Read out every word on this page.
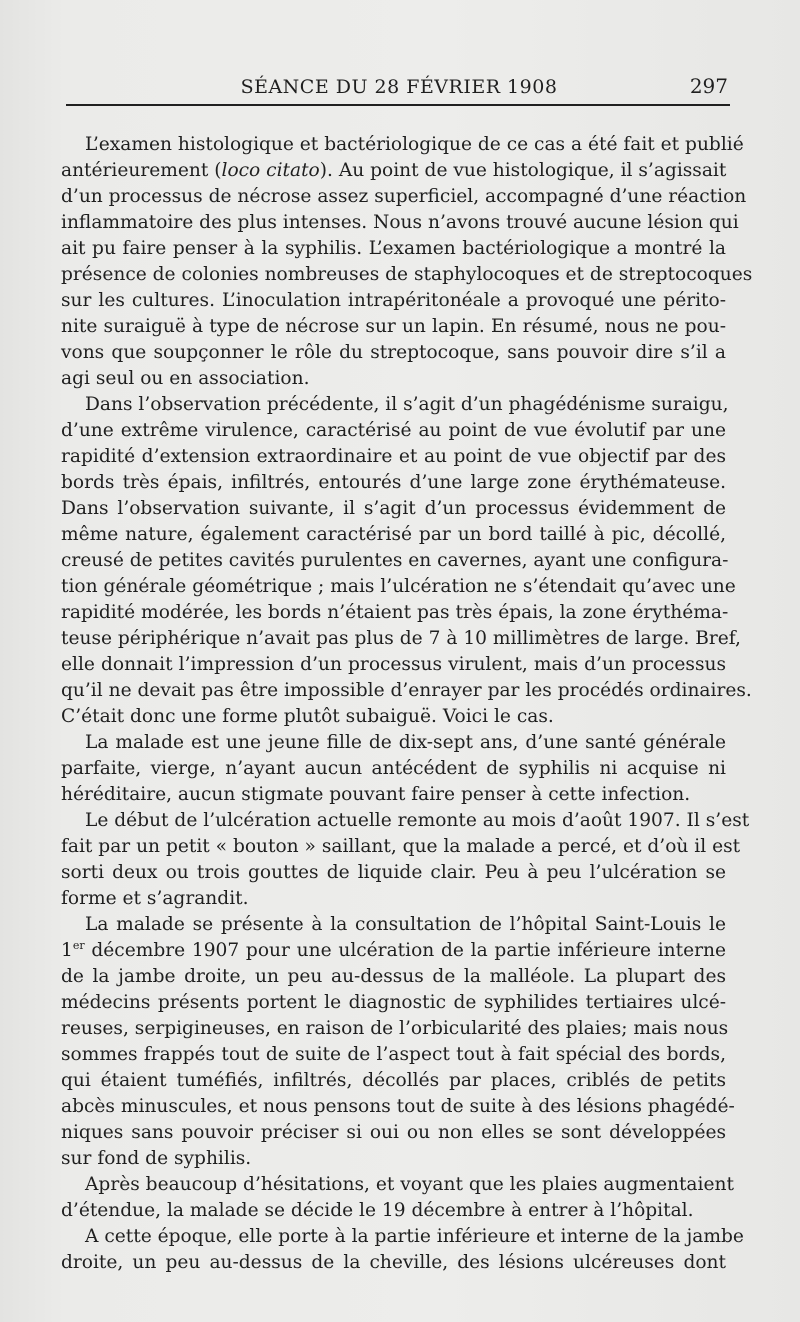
SÉANCE DU 28 FÉVRIER 1908	297

L’examen histologique et bactériologique de ce cas a été fait et publié
antérieurement (loco citato). Au point de vue histologique, il s’agissait
d’un processus de nécrose assez superficiel, accompagné d’une réaction
inflammatoire des plus intenses. Nous n’avons trouvé aucune lésion qui
ait pu faire penser à la syphilis. L’examen bactériologique a montré la
présence de colonies nombreuses de staphylocoques et de streptocoques
sur les cultures. L’inoculation intrapéritonéale a provoqué une périto-
nite suraiguë à type de nécrose sur un lapin. En résumé, nous ne pou-
vons que soupçonner le rôle du streptocoque, sans pouvoir dire s’il a
agi seul ou en association.

Dans l’observation précédente, il s’agit d’un phagédénisme suraigu,
d’une extrême virulence, caractérisé au point de vue évolutif par une
rapidité d’extension extraordinaire et au point de vue objectif par des
bords très épais, infiltrés, entourés d’une large zone érythémateuse.
Dans l’observation suivante, il s’agit d’un processus évidemment de
même nature, également caractérisé par un bord taillé à pic, décollé,
creusé de petites cavités purulentes en cavernes, ayant une configura-
tion générale géométrique ; mais l’ulcération ne s’étendait qu’avec une
rapidité modérée, les bords n’étaient pas très épais, la zone érythéma-
teuse périphérique n’avait pas plus de 7 à 10 millimètres de large. Bref,
elle donnait l’impression d’un processus virulent, mais d’un processus
qu’il ne devait pas être impossible d’enrayer par les procédés ordinaires.
C’était donc une forme plutôt subaiguë. Voici le cas.

La malade est une jeune fille de dix-sept ans, d’une santé générale
parfaite, vierge, n’ayant aucun antécédent de syphilis ni acquise ni
héréditaire, aucun stigmate pouvant faire penser à cette infection.

Le début de l’ulcération actuelle remonte au mois d’août 1907. Il s’est
fait par un petit « bouton » saillant, que la malade a percé, et d’où il est
sorti deux ou trois gouttes de liquide clair. Peu à peu l’ulcération se
forme et s’agrandit.

La malade se présente à la consultation de l’hôpital Saint-Louis le
1er décembre 1907 pour une ulcération de la partie inférieure interne
de la jambe droite, un peu au-dessus de la malléole. La plupart des
médecins présents portent le diagnostic de syphilides tertiaires ulcé-
reuses, serpigineuses, en raison de l’orbicularité des plaies; mais nous
sommes frappés tout de suite de l’aspect tout à fait spécial des bords,
qui étaient tuméfiés, infiltrés, décollés par places, criblés de petits
abcès minuscules, et nous pensons tout de suite à des lésions phagédé-
niques sans pouvoir préciser si oui ou non elles se sont développées
sur fond de syphilis.

Après beaucoup d’hésitations, et voyant que les plaies augmentaient
d’étendue, la malade se décide le 19 décembre à entrer à l’hôpital.

A cette époque, elle porte à la partie inférieure et interne de la jambe
droite, un peu au-dessus de la cheville, des lésions ulcéreuses dont
